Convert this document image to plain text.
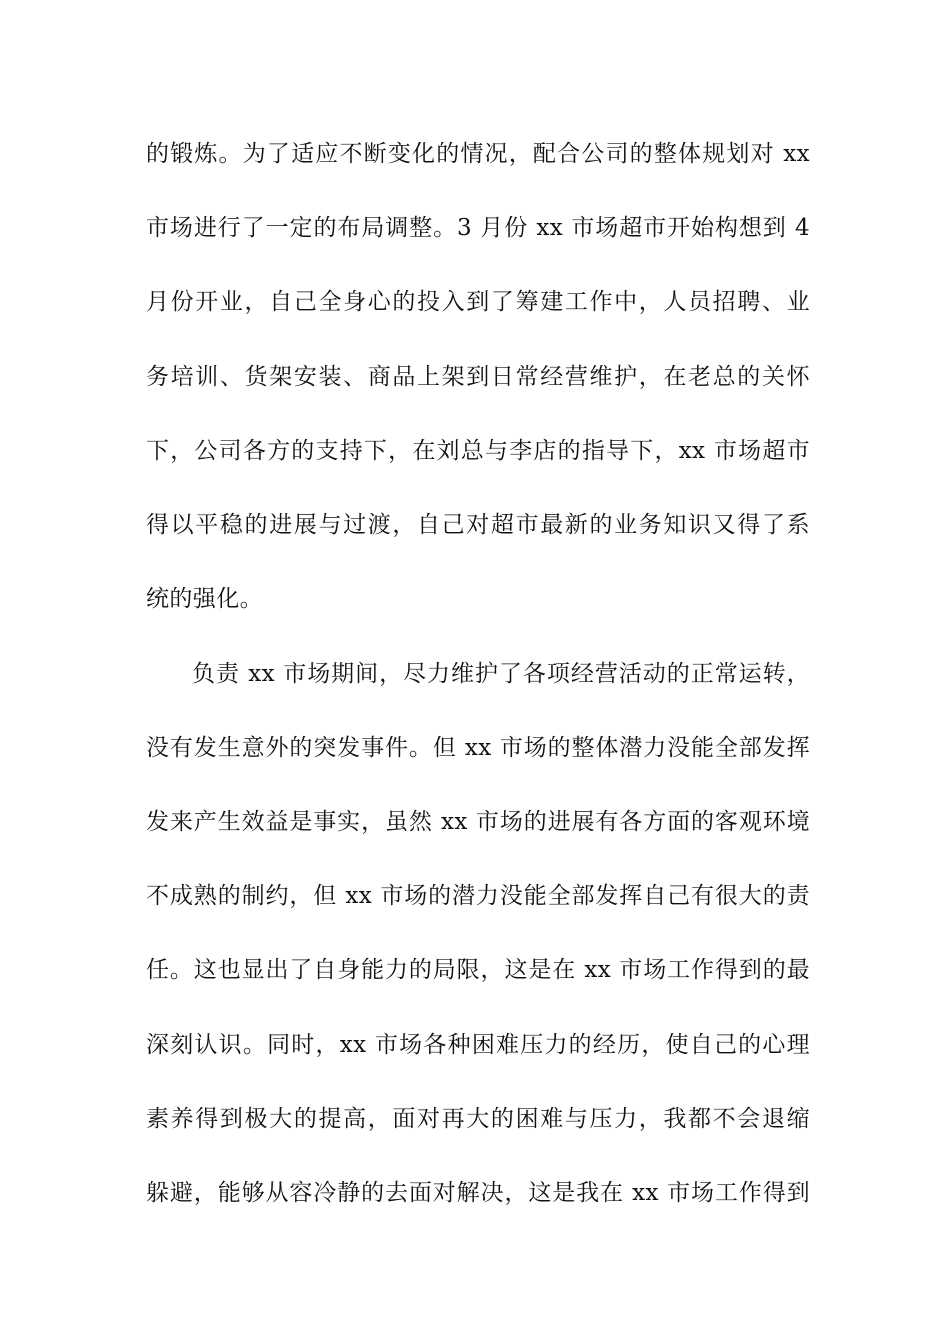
的锻炼。为了适应不断变化的情况，配合公司的整体规划对 xx
市场进行了一定的布局调整。3 月份 xx 市场超市开始构想到 4
月份开业，自己全身心的投入到了筹建工作中，人员招聘、业
务培训、货架安装、商品上架到日常经营维护，在老总的关怀
下，公司各方的支持下，在刘总与李店的指导下，xx 市场超市
得以平稳的进展与过渡，自己对超市最新的业务知识又得了系
统的强化。
负责 xx 市场期间，尽力维护了各项经营活动的正常运转，
没有发生意外的突发事件。但 xx 市场的整体潜力没能全部发挥
发来产生效益是事实，虽然 xx 市场的进展有各方面的客观环境
不成熟的制约，但 xx 市场的潜力没能全部发挥自己有很大的责
任。这也显出了自身能力的局限，这是在 xx 市场工作得到的最
深刻认识。同时，xx 市场各种困难压力的经历，使自己的心理
素养得到极大的提高，面对再大的困难与压力，我都不会退缩
躲避，能够从容冷静的去面对解决，这是我在 xx 市场工作得到
